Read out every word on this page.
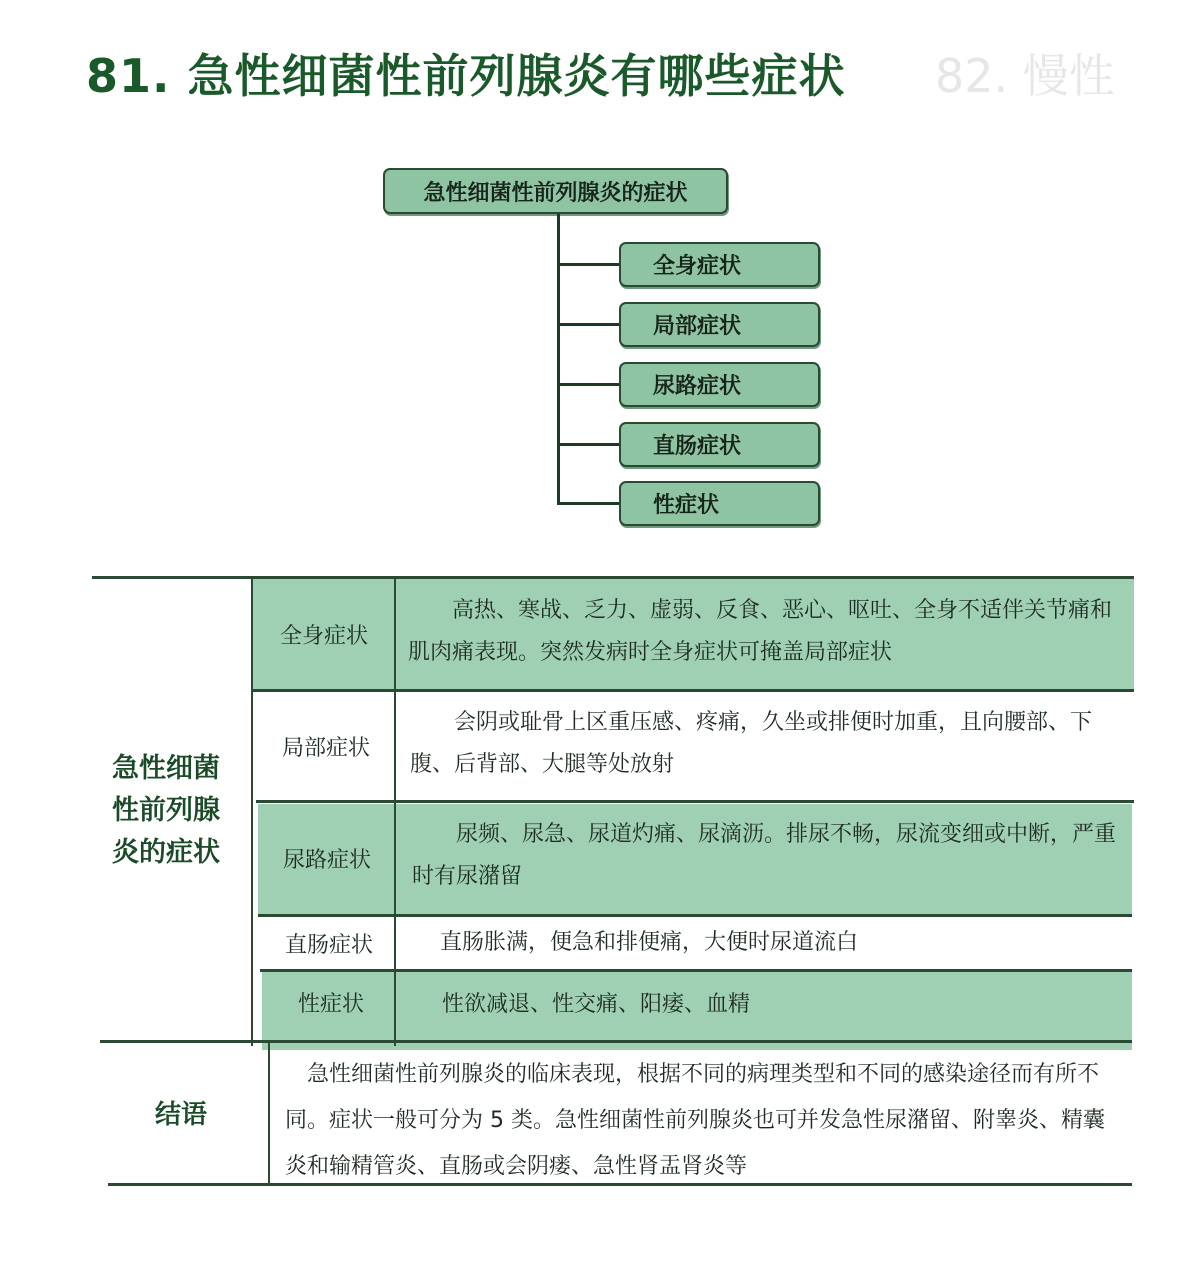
81. 急性细菌性前列腺炎有哪些症状 82. 慢性
急性细菌性前列腺炎的症状
全身症状
局部症状
尿路症状
直肠症状
性症状
急性细菌
性前列腺
炎的症状
全身症状
高热、寒战、乏力、虚弱、反食、恶心、呕吐、全身不适伴关节痛和肌肉痛表现。突然发病时全身症状可掩盖局部症状
局部症状
会阴或耻骨上区重压感、疼痛，久坐或排便时加重，且向腰部、下腹、后背部、大腿等处放射
尿路症状
尿频、尿急、尿道灼痛、尿滴沥。排尿不畅，尿流变细或中断，严重时有尿潴留
直肠症状	直肠胀满，便急和排便痛，大便时尿道流白
性症状	性欲减退、性交痛、阳痿、血精
结语
急性细菌性前列腺炎的临床表现，根据不同的病理类型和不同的感染途径而有所不同。症状一般可分为 5 类。急性细菌性前列腺炎也可并发急性尿潴留、附睾炎、精囊炎和输精管炎、直肠或会阴瘘、急性肾盂肾炎等
